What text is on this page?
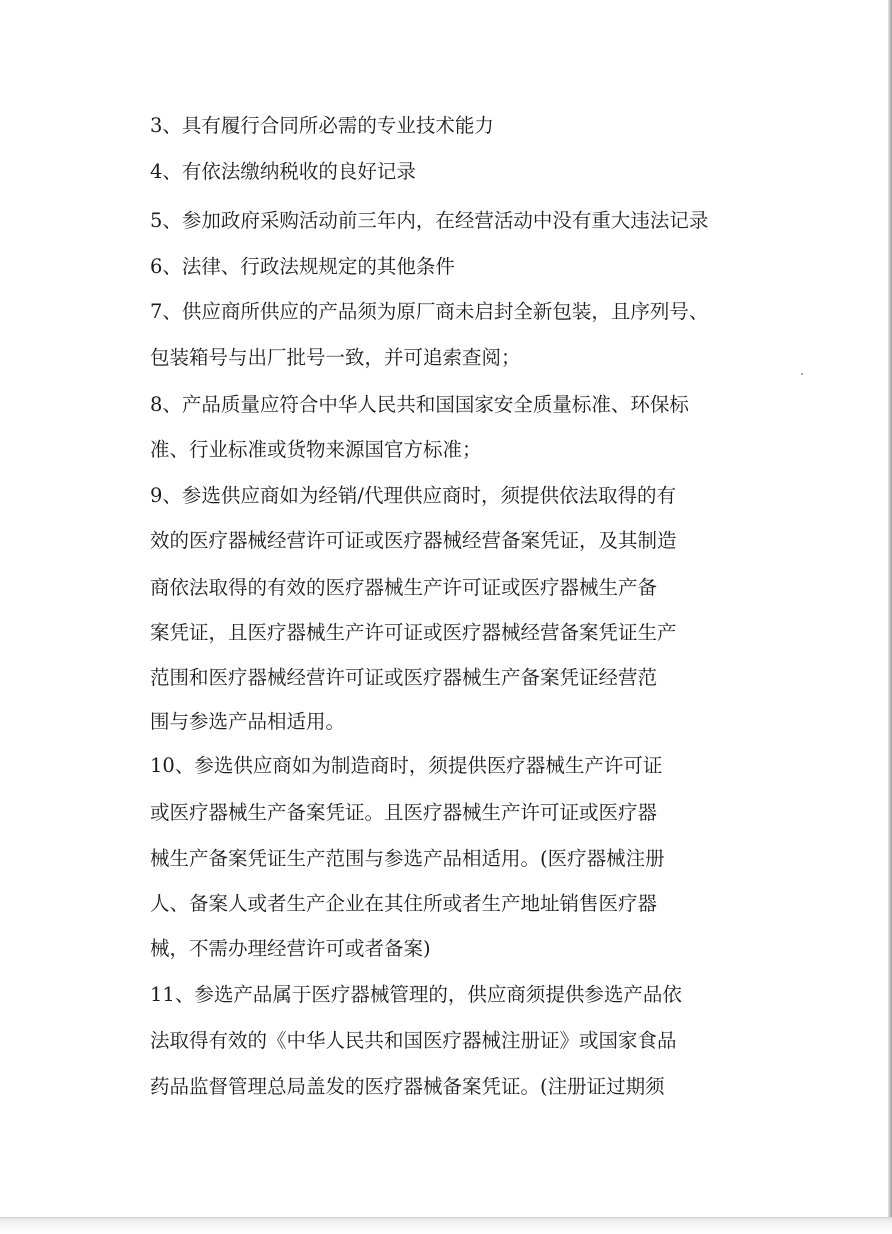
3、具有履行合同所必需的专业技术能力

4、有依法缴纳税收的良好记录

5、参加政府采购活动前三年内，在经营活动中没有重大违法记录

6、法律、行政法规规定的其他条件

7、供应商所供应的产品须为原厂商未启封全新包装，且序列号、

包装箱号与出厂批号一致，并可追索查阅；

8、产品质量应符合中华人民共和国国家安全质量标准、环保标

准、行业标准或货物来源国官方标准；

9、参选供应商如为经销/代理供应商时，须提供依法取得的有

效的医疗器械经营许可证或医疗器械经营备案凭证，及其制造

商依法取得的有效的医疗器械生产许可证或医疗器械生产备

案凭证，且医疗器械生产许可证或医疗器械经营备案凭证生产

范围和医疗器械经营许可证或医疗器械生产备案凭证经营范

围与参选产品相适用。

10、参选供应商如为制造商时，须提供医疗器械生产许可证

或医疗器械生产备案凭证。且医疗器械生产许可证或医疗器

械生产备案凭证生产范围与参选产品相适用。(医疗器械注册

人、备案人或者生产企业在其住所或者生产地址销售医疗器

械，不需办理经营许可或者备案)

11、参选产品属于医疗器械管理的，供应商须提供参选产品依

法取得有效的《中华人民共和国医疗器械注册证》或国家食品

药品监督管理总局盖发的医疗器械备案凭证。(注册证过期须
